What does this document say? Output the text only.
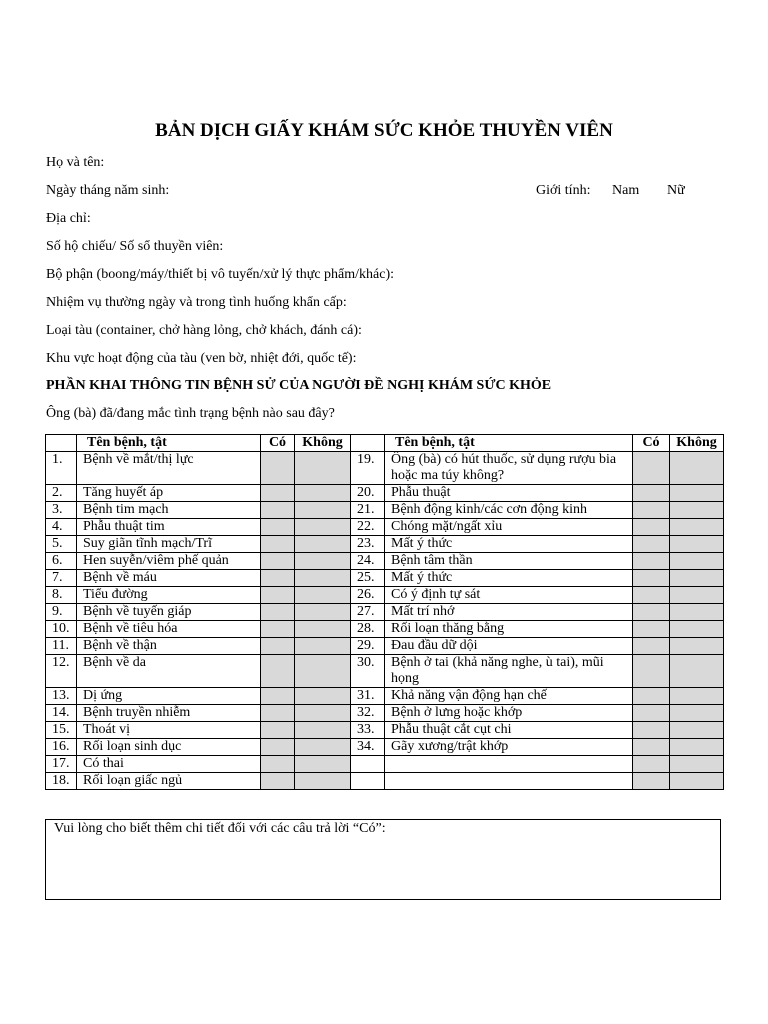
BẢN DỊCH GIẤY KHÁM SỨC KHỎE THUYỀN VIÊN
Họ và tên:
Ngày tháng năm sinh:	Giới tính: Nam Nữ
Địa chỉ:
Số hộ chiếu/ Số sổ thuyền viên:
Bộ phận (boong/máy/thiết bị vô tuyến/xử lý thực phẩm/khác):
Nhiệm vụ thường ngày và trong tình huống khẩn cấp:
Loại tàu (container, chở hàng lỏng, chở khách, đánh cá):
Khu vực hoạt động của tàu (ven bờ, nhiệt đới, quốc tế):
PHẦN KHAI THÔNG TIN BỆNH SỬ CỦA NGƯỜI ĐỀ NGHỊ KHÁM SỨC KHỎE
Ông (bà) đã/đang mắc tình trạng bệnh nào sau đây?
	Tên bệnh, tật	Có	Không		Tên bệnh, tật	Có	Không
1.	Bệnh về mắt/thị lực			19.	Ông (bà) có hút thuốc, sử dụng rượu bia hoặc ma túy không?		
2.	Tăng huyết áp			20.	Phẫu thuật		
3.	Bệnh tim mạch			21.	Bệnh động kinh/các cơn động kinh		
4.	Phẫu thuật tim			22.	Chóng mặt/ngất xỉu		
5.	Suy giãn tĩnh mạch/Trĩ			23.	Mất ý thức		
6.	Hen suyễn/viêm phế quản			24.	Bệnh tâm thần		
7.	Bệnh về máu			25.	Mất ý thức		
8.	Tiểu đường			26.	Có ý định tự sát		
9.	Bệnh về tuyến giáp			27.	Mất trí nhớ		
10.	Bệnh về tiêu hóa			28.	Rối loạn thăng bằng		
11.	Bệnh về thận			29.	Đau đầu dữ dội		
12.	Bệnh về da			30.	Bệnh ở tai (khả năng nghe, ù tai), mũi họng		
13.	Dị ứng			31.	Khả năng vận động hạn chế		
14.	Bệnh truyền nhiễm			32.	Bệnh ở lưng hoặc khớp		
15.	Thoát vị			33.	Phẫu thuật cắt cụt chi		
16.	Rối loạn sinh dục			34.	Gãy xương/trật khớp		
17.	Có thai						
18.	Rối loạn giấc ngủ						
Vui lòng cho biết thêm chi tiết đối với các câu trả lời “Có”:
